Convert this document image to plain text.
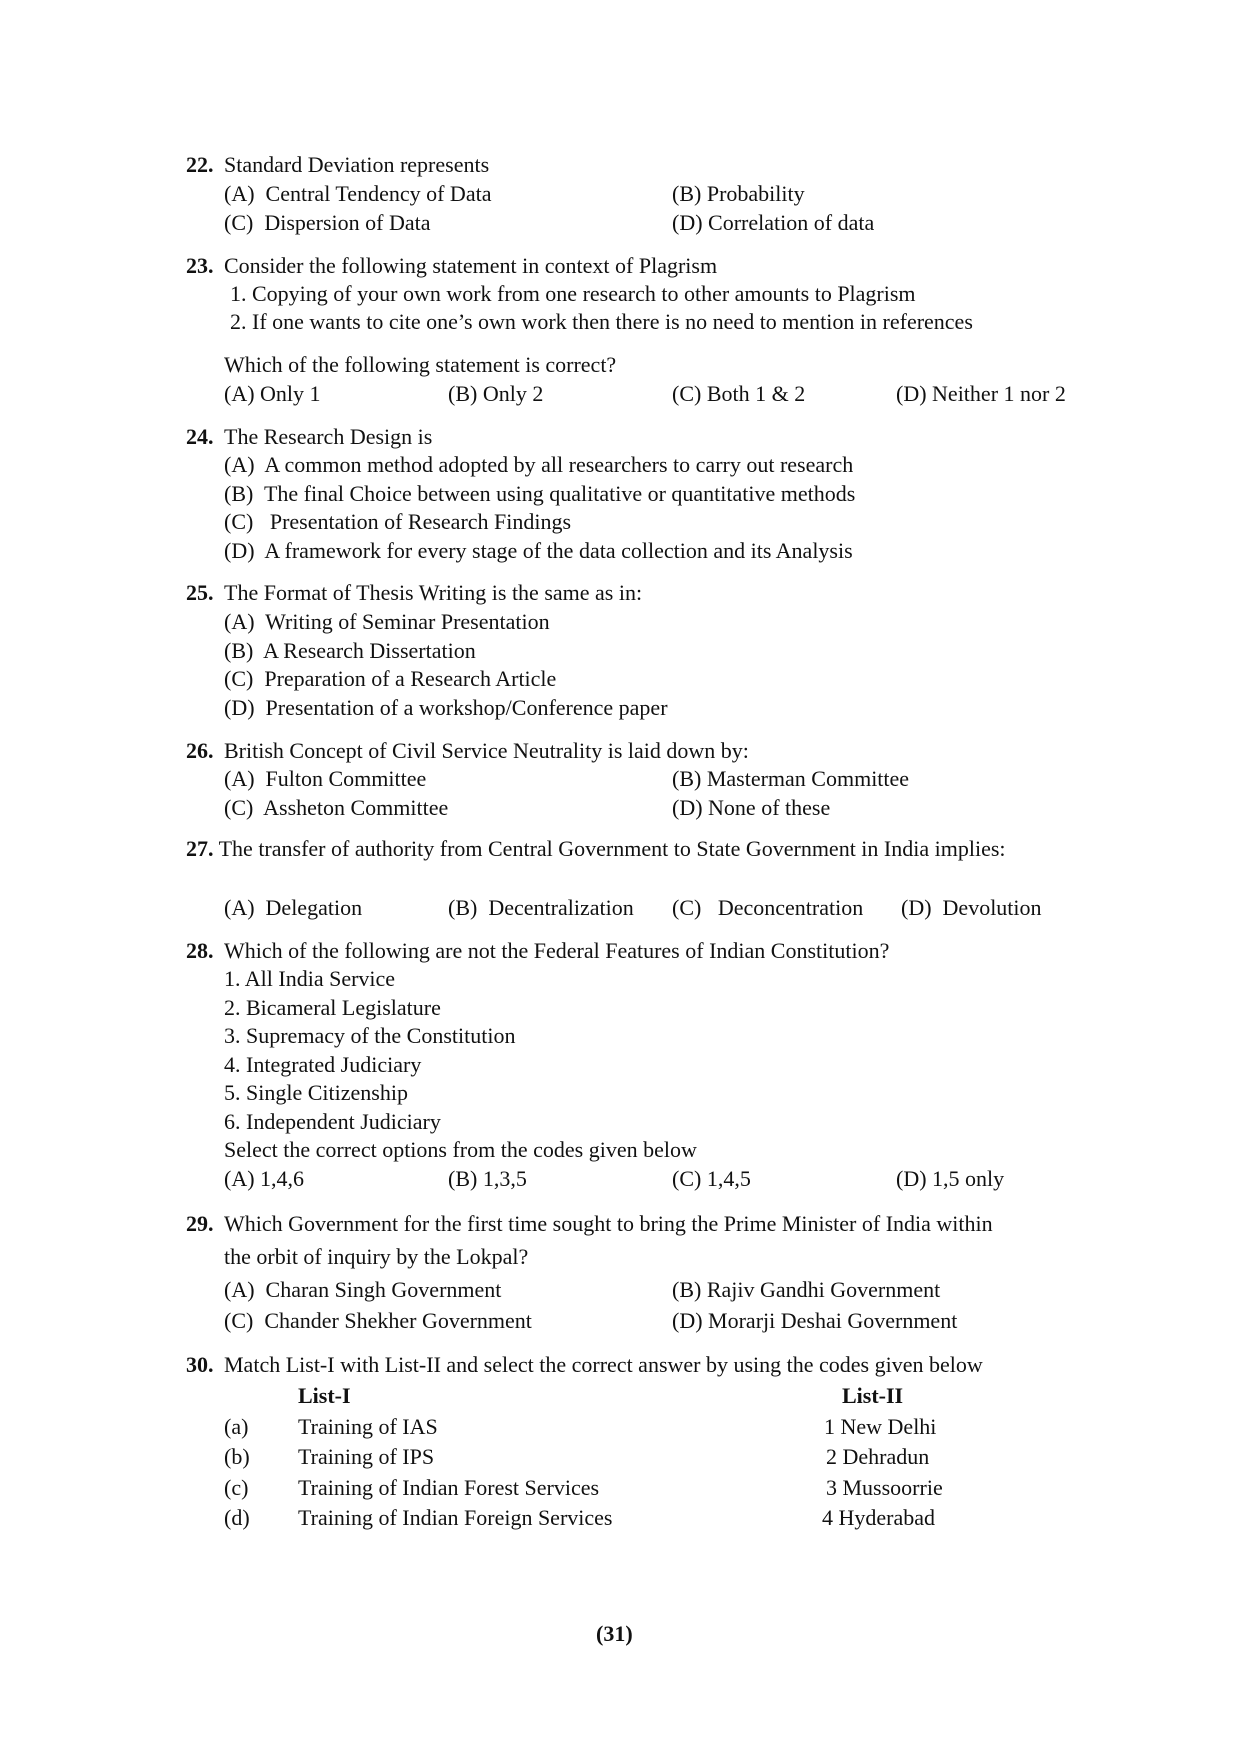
22. Standard Deviation represents
(A) Central Tendency of Data	(B) Probability
(C) Dispersion of Data	(D) Correlation of data
23. Consider the following statement in context of Plagrism
1. Copying of your own work from one research to other amounts to Plagrism
2. If one wants to cite one’s own work then there is no need to mention in references
Which of the following statement is correct?
(A) Only 1	(B) Only 2	(C) Both 1 & 2	(D) Neither 1 nor 2
24. The Research Design is
(A) A common method adopted by all researchers to carry out research
(B) The final Choice between using qualitative or quantitative methods
(C) Presentation of Research Findings
(D) A framework for every stage of the data collection and its Analysis
25. The Format of Thesis Writing is the same as in:
(A) Writing of Seminar Presentation
(B) A Research Dissertation
(C) Preparation of a Research Article
(D) Presentation of a workshop/Conference paper
26. British Concept of Civil Service Neutrality is laid down by:
(A) Fulton Committee	(B) Masterman Committee
(C) Assheton Committee	(D) None of these
27. The transfer of authority from Central Government to State Government in India implies:
(A) Delegation	(B) Decentralization (C) Deconcentration (D) Devolution
28. Which of the following are not the Federal Features of Indian Constitution?
1. All India Service
2. Bicameral Legislature
3. Supremacy of the Constitution
4. Integrated Judiciary
5. Single Citizenship
6. Independent Judiciary
Select the correct options from the codes given below
(A) 1,4,6	(B) 1,3,5	(C) 1,4,5	(D) 1,5 only
29. Which Government for the first time sought to bring the Prime Minister of India within
the orbit of inquiry by the Lokpal?
(A) Charan Singh Government	(B) Rajiv Gandhi Government
(C) Chander Shekher Government	(D) Morarji Deshai Government
30. Match List-I with List-II and select the correct answer by using the codes given below
List-I	List-II
(a) Training of IAS	1 New Delhi
(b) Training of IPS	2 Dehradun
(c) Training of Indian Forest Services	3 Mussoorrie
(d) Training of Indian Foreign Services	4 Hyderabad
(31)
